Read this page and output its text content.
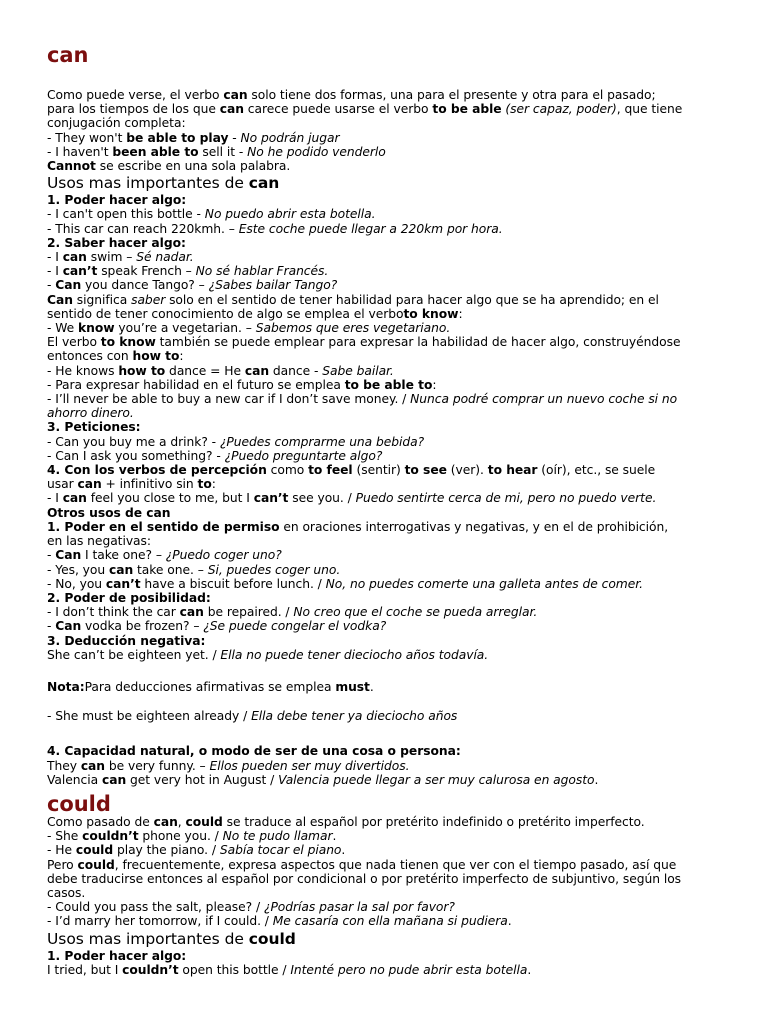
can
Como puede verse, el verbo can solo tiene dos formas, una para el presente y otra para el pasado;
para los tiempos de los que can carece puede usarse el verbo to be able (ser capaz, poder), que tiene
conjugación completa:
- They won't be able to play - No podrán jugar
- I haven't been able to sell it - No he podido venderlo
Cannot se escribe en una sola palabra.
Usos mas importantes de can
1. Poder hacer algo:
- I can't open this bottle - No puedo abrir esta botella.
- This car can reach 220kmh. – Este coche puede llegar a 220km por hora.
2. Saber hacer algo:
- I can swim – Sé nadar.
- I can’t speak French – No sé hablar Francés.
- Can you dance Tango? – ¿Sabes bailar Tango?
Can significa saber solo en el sentido de tener habilidad para hacer algo que se ha aprendido; en el
sentido de tener conocimiento de algo se emplea el verboto know:
- We know you’re a vegetarian. – Sabemos que eres vegetariano.
El verbo to know también se puede emplear para expresar la habilidad de hacer algo, construyéndose
entonces con how to:
- He knows how to dance = He can dance - Sabe bailar.
- Para expresar habilidad en el futuro se emplea to be able to:
- I’ll never be able to buy a new car if I don’t save money. / Nunca podré comprar un nuevo coche si no
ahorro dinero.
3. Peticiones:
- Can you buy me a drink? - ¿Puedes comprarme una bebida?
- Can I ask you something? - ¿Puedo preguntarte algo?
4. Con los verbos de percepción como to feel (sentir) to see (ver). to hear (oír), etc., se suele
usar can + infinitivo sin to:
- I can feel you close to me, but I can’t see you. / Puedo sentirte cerca de mi, pero no puedo verte.
Otros usos de can
1. Poder en el sentido de permiso en oraciones interrogativas y negativas, y en el de prohibición,
en las negativas:
- Can I take one? – ¿Puedo coger uno?
- Yes, you can take one. – Si, puedes coger uno.
- No, you can’t have a biscuit before lunch. / No, no puedes comerte una galleta antes de comer.
2. Poder de posibilidad:
- I don’t think the car can be repaired. / No creo que el coche se pueda arreglar.
- Can vodka be frozen? – ¿Se puede congelar el vodka?
3. Deducción negativa:
She can’t be eighteen yet. / Ella no puede tener dieciocho años todavía.
Nota:Para deducciones afirmativas se emplea must.
- She must be eighteen already / Ella debe tener ya dieciocho años
4. Capacidad natural, o modo de ser de una cosa o persona:
They can be very funny. – Ellos pueden ser muy divertidos.
Valencia can get very hot in August / Valencia puede llegar a ser muy calurosa en agosto.
could
Como pasado de can, could se traduce al español por pretérito indefinido o pretérito imperfecto.
- She couldn’t phone you. / No te pudo llamar.
- He could play the piano. / Sabía tocar el piano.
Pero could, frecuentemente, expresa aspectos que nada tienen que ver con el tiempo pasado, así que
debe traducirse entonces al español por condicional o por pretérito imperfecto de subjuntivo, según los
casos.
- Could you pass the salt, please? / ¿Podrías pasar la sal por favor?
- I’d marry her tomorrow, if I could. / Me casaría con ella mañana si pudiera.
Usos mas importantes de could
1. Poder hacer algo:
I tried, but I couldn’t open this bottle / Intenté pero no pude abrir esta botella.
